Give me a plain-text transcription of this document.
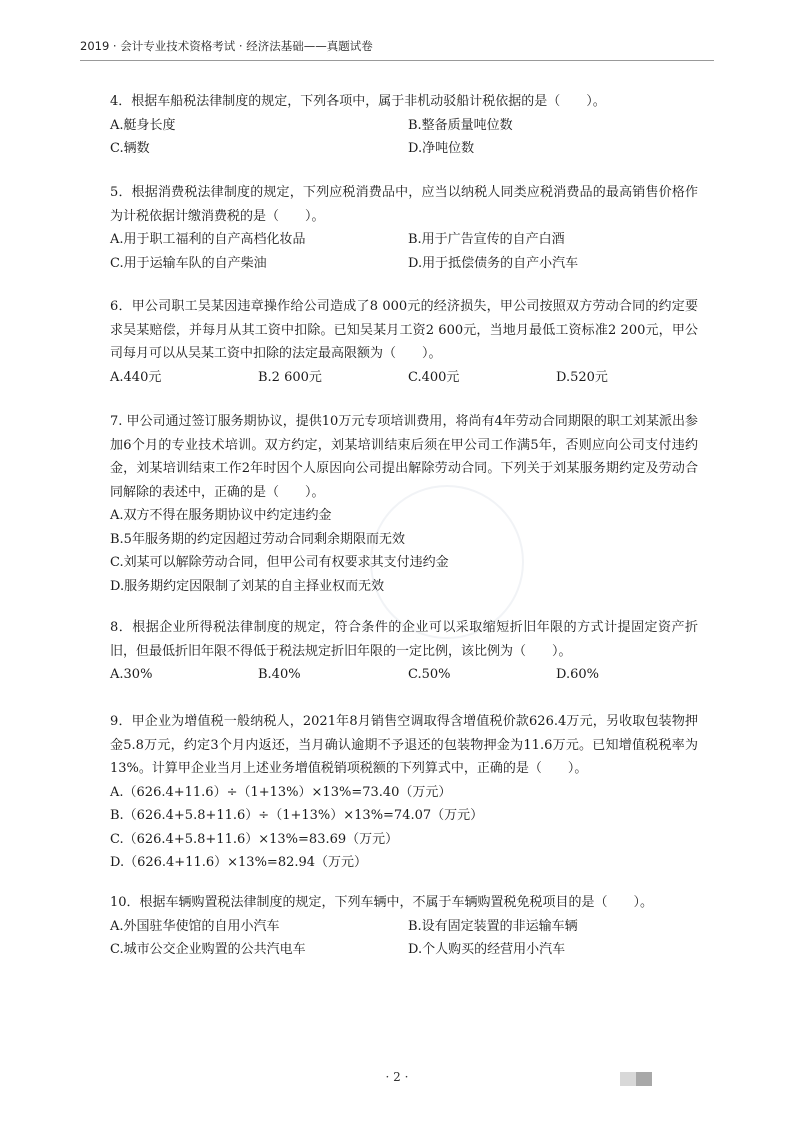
2019 · 会计专业技术资格考试 · 经济法基础——真题试卷
4．根据车船税法律制度的规定，下列各项中，属于非机动驳船计税依据的是（　　）。
A.艇身长度	B.整备质量吨位数
C.辆数	D.净吨位数
5．根据消费税法律制度的规定，下列应税消费品中，应当以纳税人同类应税消费品的最高销售价格作为计税依据计缴消费税的是（　　）。
A.用于职工福利的自产高档化妆品	B.用于广告宣传的自产白酒
C.用于运输车队的自产柴油	D.用于抵偿债务的自产小汽车
6．甲公司职工吴某因违章操作给公司造成了8 000元的经济损失，甲公司按照双方劳动合同的约定要求吴某赔偿，并每月从其工资中扣除。已知吴某月工资2 600元，当地月最低工资标准2 200元，甲公司每月可以从吴某工资中扣除的法定最高限额为（　　）。
A.440元	B.2 600元	C.400元	D.520元
7. 甲公司通过签订服务期协议，提供10万元专项培训费用，将尚有4年劳动合同期限的职工刘某派出参加6个月的专业技术培训。双方约定，刘某培训结束后须在甲公司工作满5年，否则应向公司支付违约金，刘某培训结束工作2年时因个人原因向公司提出解除劳动合同。下列关于刘某服务期约定及劳动合同解除的表述中，正确的是（　　）。
A.双方不得在服务期协议中约定违约金
B.5年服务期的约定因超过劳动合同剩余期限而无效
C.刘某可以解除劳动合同，但甲公司有权要求其支付违约金
D.服务期约定因限制了刘某的自主择业权而无效
8．根据企业所得税法律制度的规定，符合条件的企业可以采取缩短折旧年限的方式计提固定资产折旧，但最低折旧年限不得低于税法规定折旧年限的一定比例，该比例为（　　）。
A.30%	B.40%	C.50%	D.60%
9．甲企业为增值税一般纳税人，2021年8月销售空调取得含增值税价款626.4万元，另收取包装物押金5.8万元，约定3个月内返还，当月确认逾期不予退还的包装物押金为11.6万元。已知增值税税率为13%。计算甲企业当月上述业务增值税销项税额的下列算式中，正确的是（　　）。
A.（626.4+11.6）÷（1+13%）×13%=73.40（万元）
B.（626.4+5.8+11.6）÷（1+13%）×13%=74.07（万元）
C.（626.4+5.8+11.6）×13%=83.69（万元）
D.（626.4+11.6）×13%=82.94（万元）
10．根据车辆购置税法律制度的规定，下列车辆中，不属于车辆购置税免税项目的是（　　）。
A.外国驻华使馆的自用小汽车	B.设有固定装置的非运输车辆
C.城市公交企业购置的公共汽电车	D.个人购买的经营用小汽车
· 2 ·
